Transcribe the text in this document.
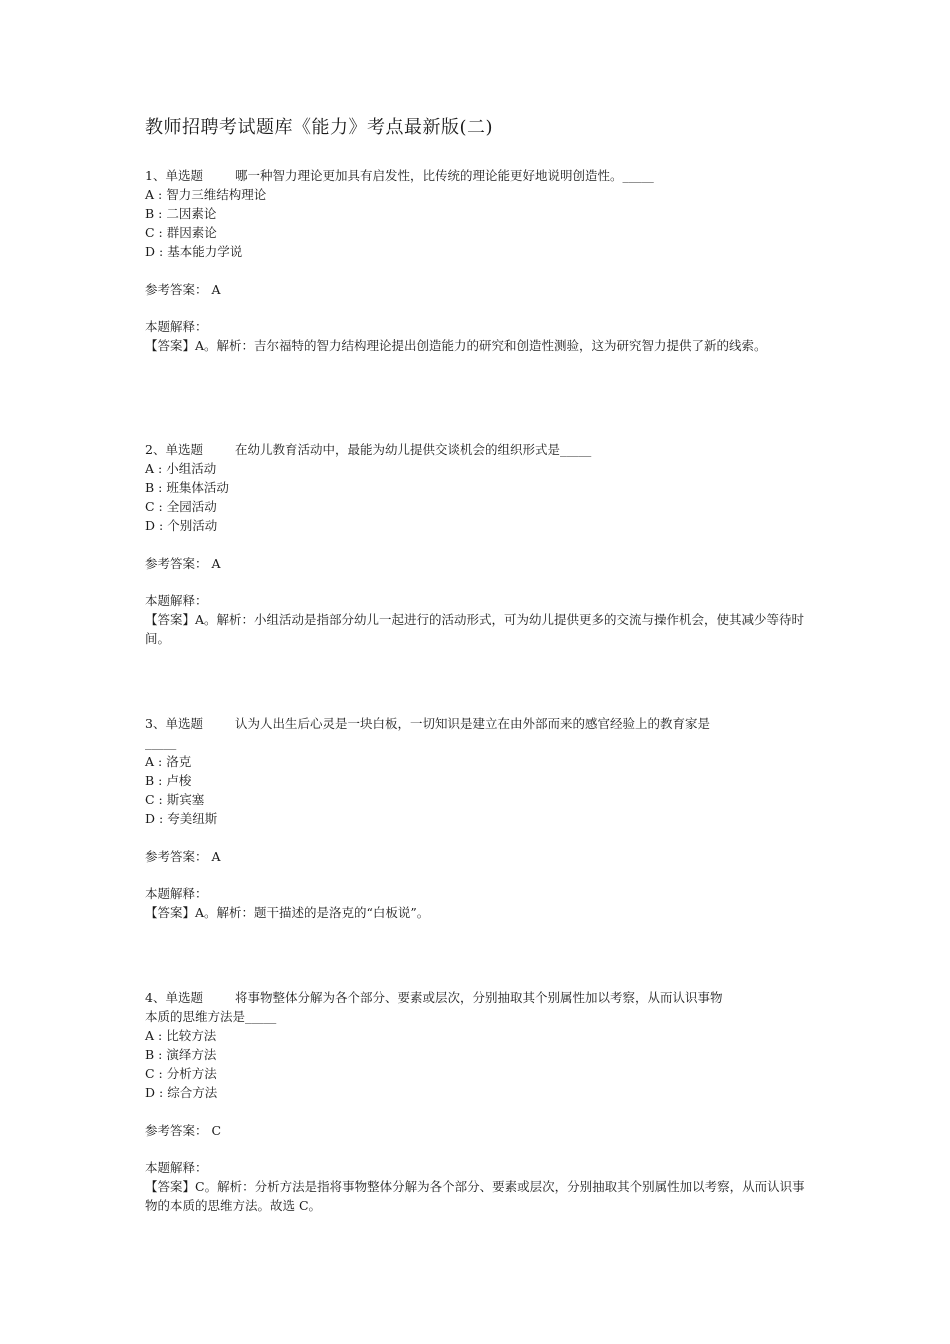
教师招聘考试题库《能力》考点最新版(二)
1、单选题	哪一种智力理论更加具有启发性，比传统的理论能更好地说明创造性。_____
A : 智力三维结构理论
B : 二因素论
C : 群因素论
D : 基本能力学说
参考答案： A
本题解释：
【答案】A。解析：吉尔福特的智力结构理论提出创造能力的研究和创造性测验，这为研究智力提供了新的线索。
2、单选题	在幼儿教育活动中，最能为幼儿提供交谈机会的组织形式是_____
A : 小组活动
B : 班集体活动
C : 全园活动
D : 个别活动
参考答案： A
本题解释：
【答案】A。解析：小组活动是指部分幼儿一起进行的活动形式，可为幼儿提供更多的交流与操作机会，使其减少等待时间。
3、单选题	认为人出生后心灵是一块白板，一切知识是建立在由外部而来的感官经验上的教育家是
_____
A : 洛克
B : 卢梭
C : 斯宾塞
D : 夸美纽斯
参考答案： A
本题解释：
【答案】A。解析：题干描述的是洛克的“白板说”。
4、单选题	将事物整体分解为各个部分、要素或层次，分别抽取其个别属性加以考察，从而认识事物
本质的思维方法是_____
A : 比较方法
B : 演绎方法
C : 分析方法
D : 综合方法
参考答案： C
本题解释：
【答案】C。解析：分析方法是指将事物整体分解为各个部分、要素或层次，分别抽取其个别属性加以考察，从而认识事物的本质的思维方法。故选 C。
